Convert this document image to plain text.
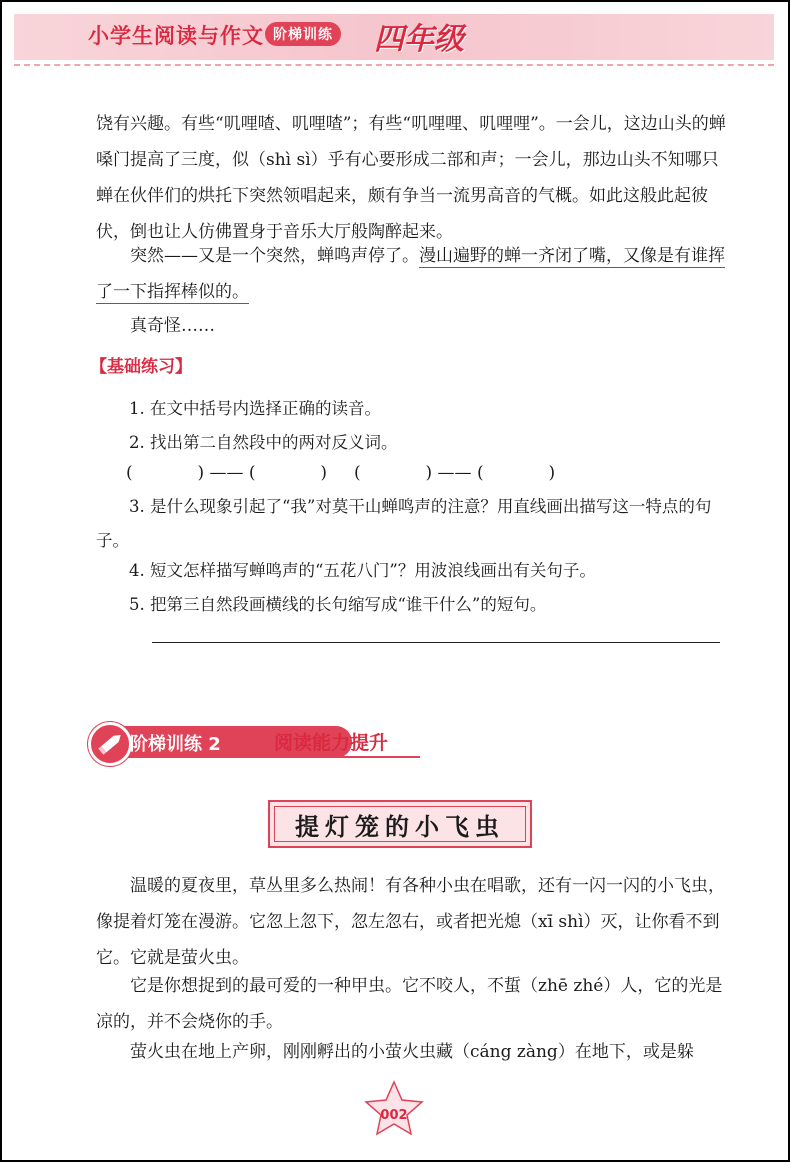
小学生阅读与作文 阶梯训练 四年级

饶有兴趣。有些“叽哩喳、叽哩喳”；有些“叽哩哩、叽哩哩”。一会儿，这边山头的蝉嗓门提高了三度，似（shì sì）乎有心要形成二部和声；一会儿，那边山头不知哪只蝉在伙伴们的烘托下突然领唱起来，颇有争当一流男高音的气概。如此这般此起彼伏，倒也让人仿佛置身于音乐大厅般陶醉起来。

突然——又是一个突然，蝉鸣声停了。漫山遍野的蝉一齐闭了嘴，又像是有谁挥了一下指挥棒似的。

真奇怪……

【基础练习】

1. 在文中括号内选择正确的读音。

2. 找出第二自然段中的两对反义词。

(            ) —— (            )     (            ) —— (            )

3. 是什么现象引起了“我”对莫干山蝉鸣声的注意？用直线画出描写这一特点的句子。

4. 短文怎样描写蝉鸣声的“五花八门”？用波浪线画出有关句子。

5. 把第三自然段画横线的长句缩写成“谁干什么”的短句。

阶梯训练 2	阅读能力提升
提灯笼的小飞虫

温暖的夏夜里，草丛里多么热闹！有各种小虫在唱歌，还有一闪一闪的小飞虫，像提着灯笼在漫游。它忽上忽下，忽左忽右，或者把光熄（xī shì）灭，让你看不到它。它就是萤火虫。

它是你想捉到的最可爱的一种甲虫。它不咬人，不蜇（zhē zhé）人，它的光是凉的，并不会烧你的手。

萤火虫在地上产卵，刚刚孵出的小萤火虫藏（cáng zàng）在地下，或是躲

002
